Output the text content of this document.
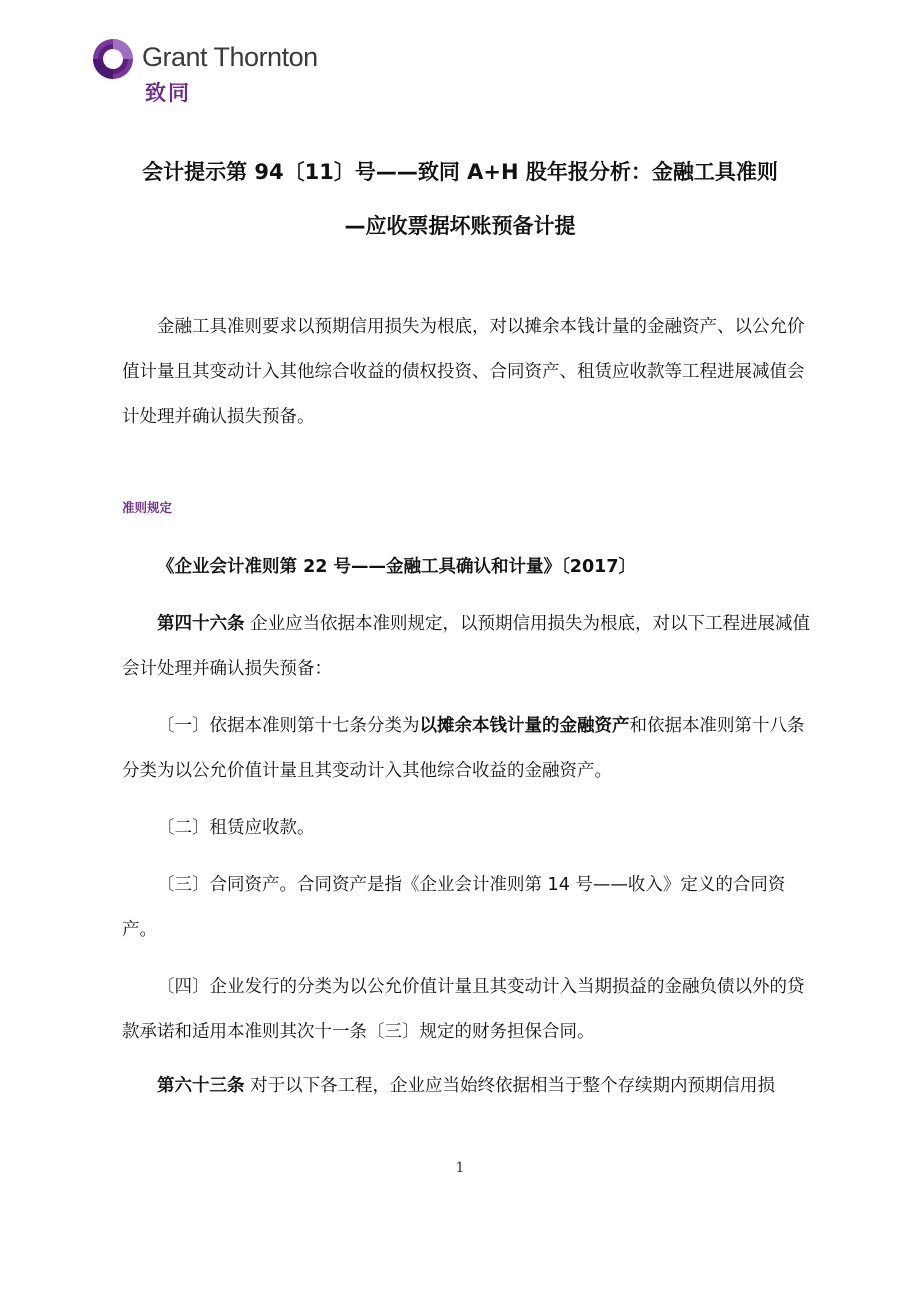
Grant Thornton
致同
会计提示第 94〔11〕号——致同 A+H 股年报分析：金融工具准则
—应收票据坏账预备计提
金融工具准则要求以预期信用损失为根底，对以摊余本钱计量的金融资产、以公允价值计量且其变动计入其他综合收益的债权投资、合同资产、租赁应收款等工程进展减值会计处理并确认损失预备。
准则规定
《企业会计准则第 22 号——金融工具确认和计量》〔2017〕
第四十六条 企业应当依据本准则规定，以预期信用损失为根底，对以下工程进展减值会计处理并确认损失预备：
〔一〕依据本准则第十七条分类为以摊余本钱计量的金融资产和依据本准则第十八条分类为以公允价值计量且其变动计入其他综合收益的金融资产。
〔二〕租赁应收款。
〔三〕合同资产。合同资产是指《企业会计准则第 14 号——收入》定义的合同资产。
〔四〕企业发行的分类为以公允价值计量且其变动计入当期损益的金融负债以外的贷款承诺和适用本准则其次十一条〔三〕规定的财务担保合同。
第六十三条 对于以下各工程，企业应当始终依据相当于整个存续期内预期信用损
1
